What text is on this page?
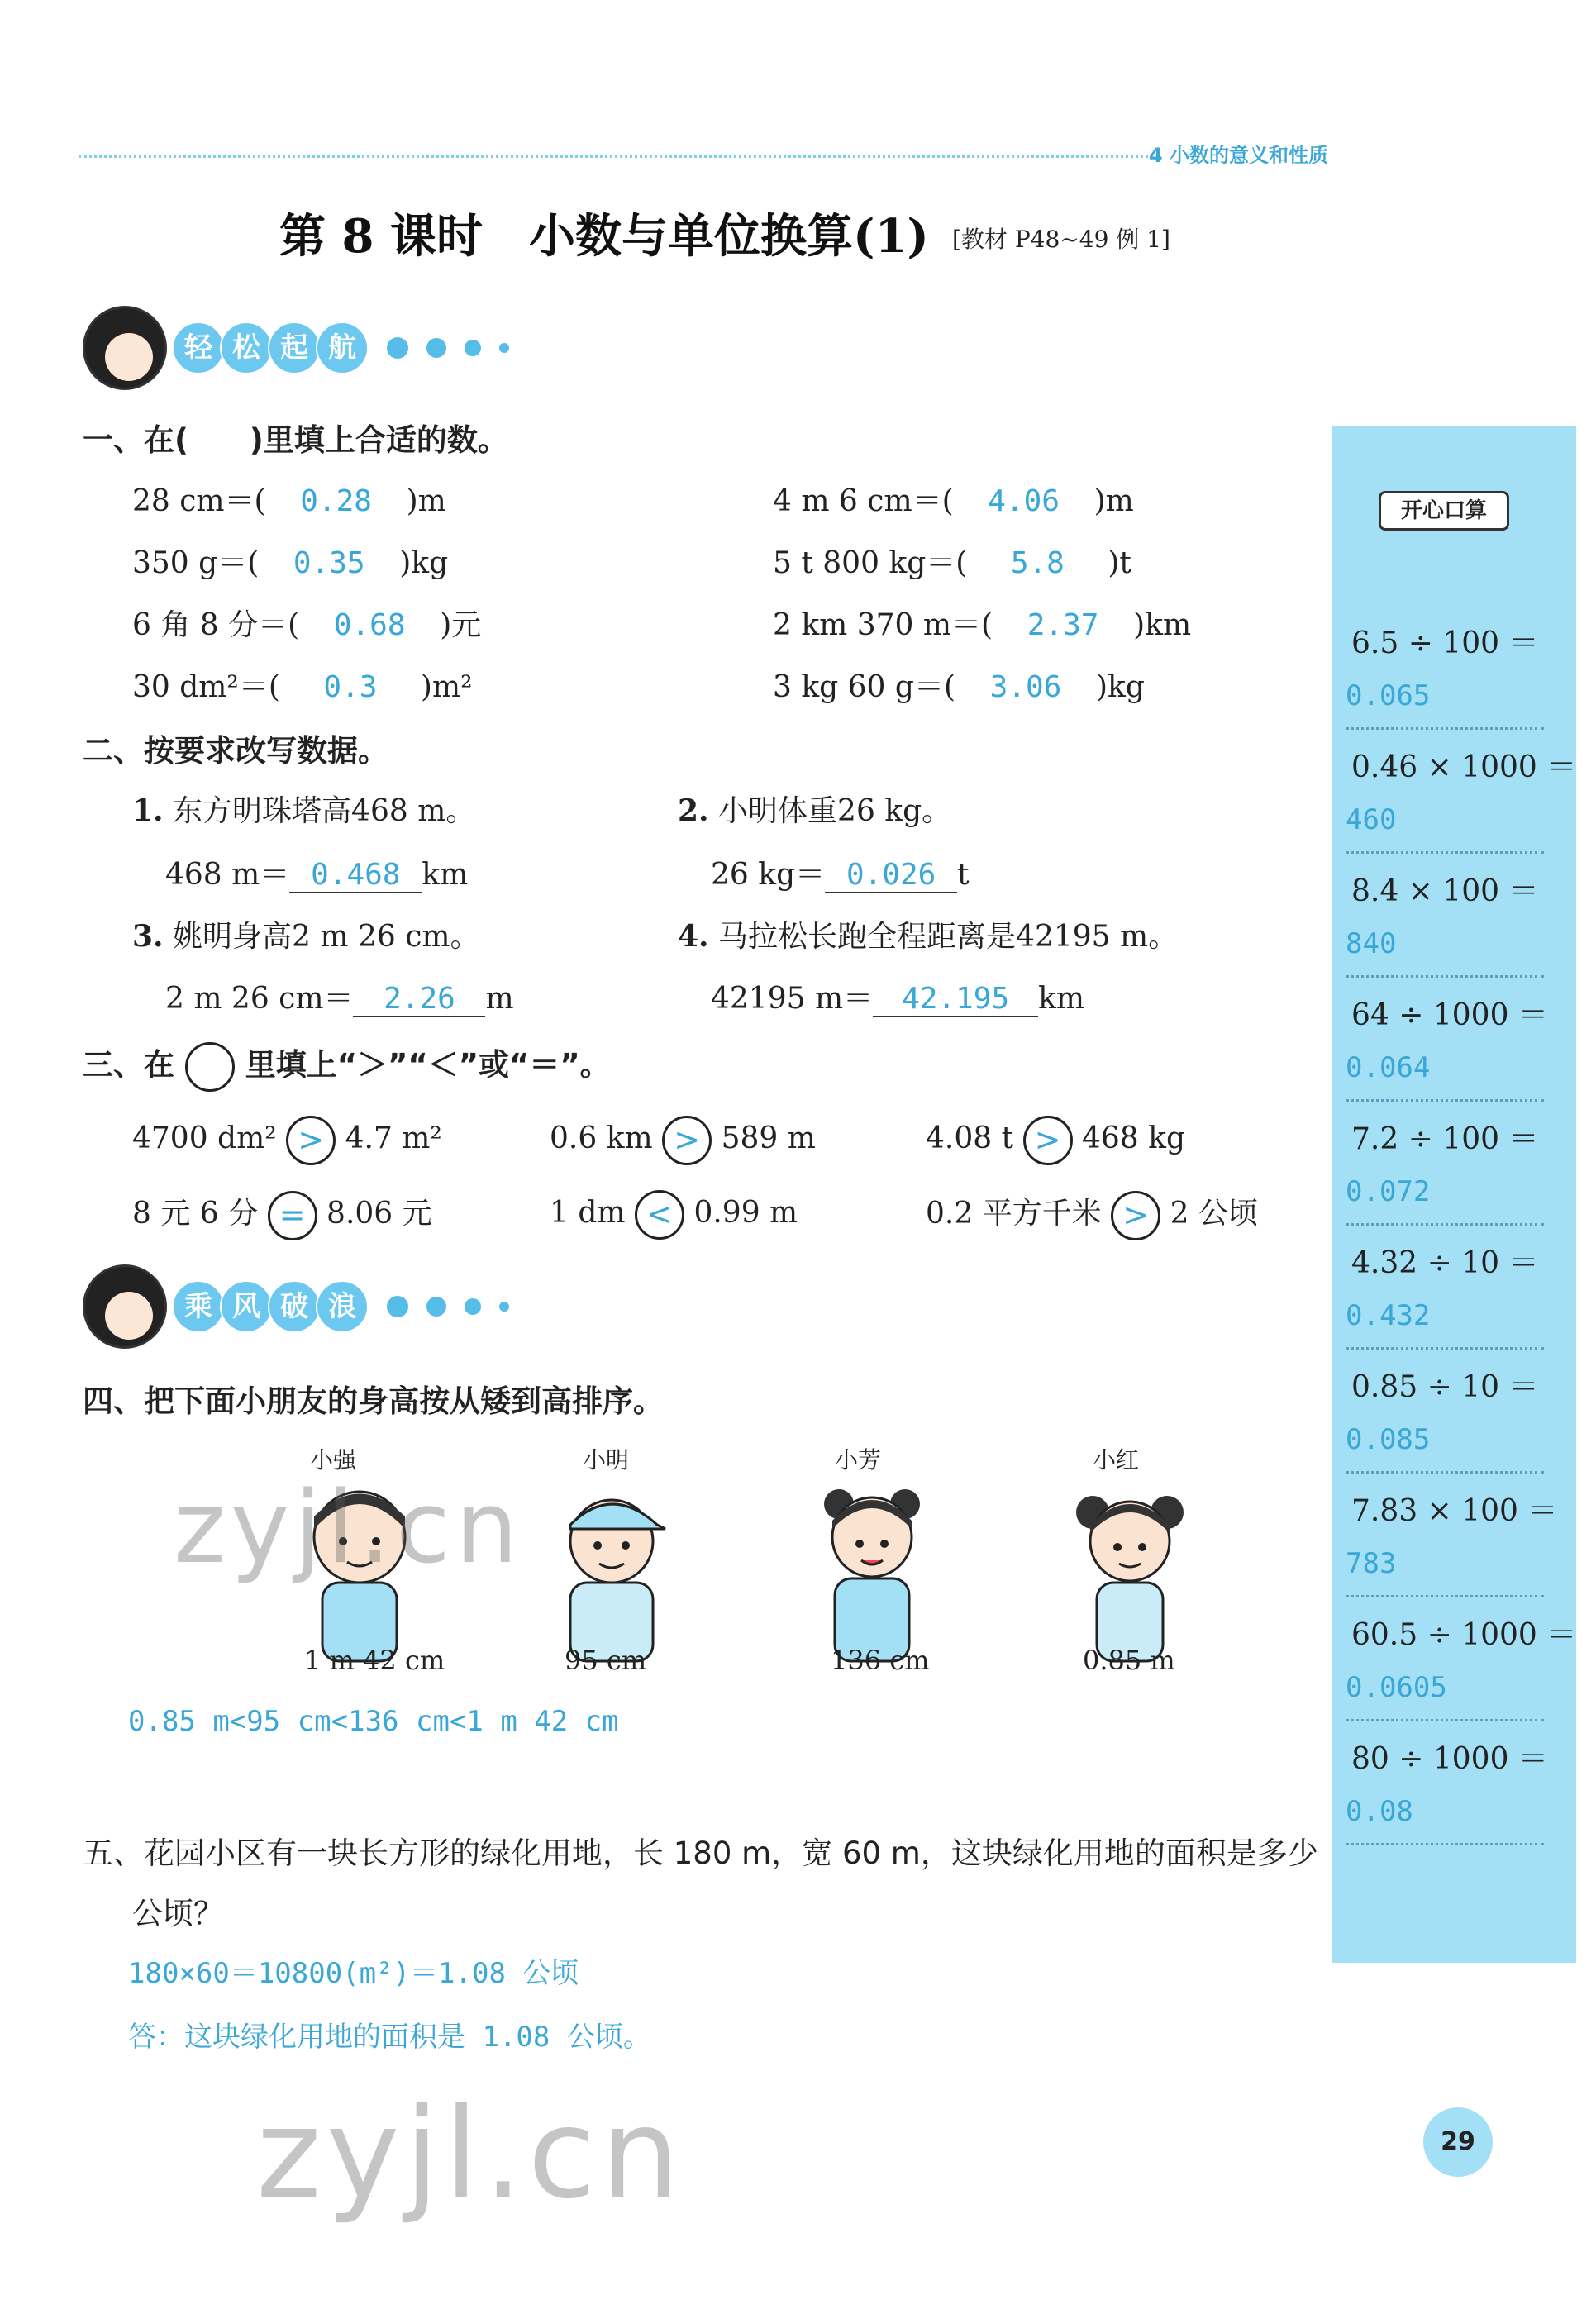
4 小数的意义和性质
第 8 课时　小数与单位换算(1) [教材 P48~49 例 1]
轻 松 起 航
一、在(　　)里填上合适的数。
28 cm＝( 0.28 )m	4 m 6 cm＝( 4.06 )m
350 g＝( 0.35 )kg	5 t 800 kg＝( 5.8 )t
6 角 8 分＝( 0.68 )元	2 km 370 m＝( 2.37 )km
30 dm²＝( 0.3 )m²	3 kg 60 g＝( 3.06 )kg
二、按要求改写数据。
1. 东方明珠塔高468 m。
468 m＝ 0.468 km
2. 小明体重26 kg。
26 kg＝ 0.026 t
3. 姚明身高2 m 26 cm。
2 m 26 cm＝ 2.26 m
4. 马拉松长跑全程距离是42195 m。
42195 m＝ 42.195 km
三、在 里填上“＞”“＜”或“＝”。
4700 dm² > 4.7 m²	0.6 km > 589 m	4.08 t > 468 kg
8 元 6 分 = 8.06 元	1 dm < 0.99 m	0.2 平方千米 > 2 公顷
乘 风 破 浪
四、把下面小朋友的身高按从矮到高排序。
小强
1 m 42 cm
小明
95 cm
小芳
136 cm
小红
0.85 m
0.85 m<95 cm<136 cm<1 m 42 cm
五、花园小区有一块长方形的绿化用地，长 180 m，宽 60 m，这块绿化用地的面积是多少
公顷？
180×60＝10800(m²)＝1.08 公顷
答：这块绿化用地的面积是 1.08 公顷。
开心口算
6.5 ÷ 100 ＝
0.065
0.46 × 1000 ＝
460
8.4 × 100 ＝
840
64 ÷ 1000 ＝
0.064
7.2 ÷ 100 ＝
0.072
4.32 ÷ 10 ＝
0.432
0.85 ÷ 10 ＝
0.085
7.83 × 100 ＝
783
60.5 ÷ 1000 ＝
0.0605
80 ÷ 1000 ＝
0.08
zyjl.cn
zyjl.cn	29
